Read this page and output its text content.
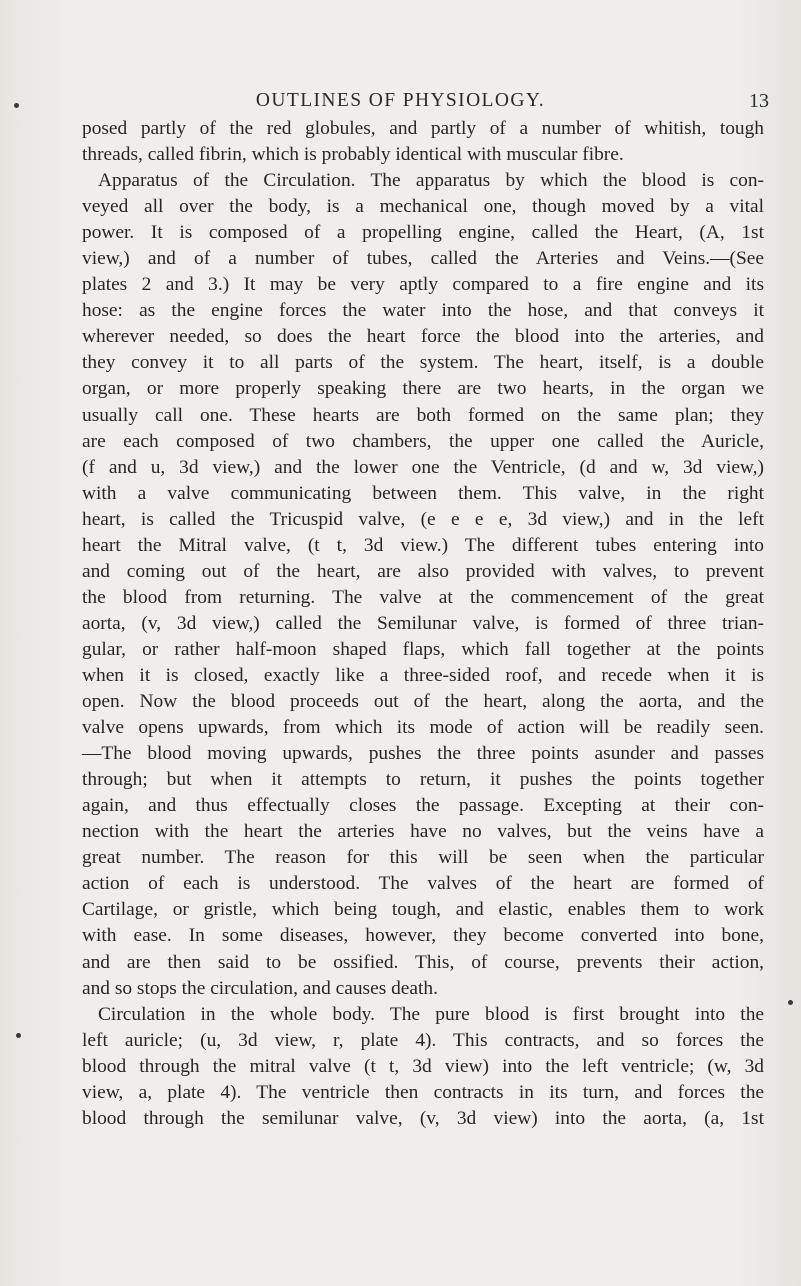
OUTLINES OF PHYSIOLOGY.	13
posed partly of the red globules, and partly of a number of whitish, tough
threads, called fibrin, which is probably identical with muscular fibre.
Apparatus of the Circulation. The apparatus by which the blood is con-
veyed all over the body, is a mechanical one, though moved by a vital
power. It is composed of a propelling engine, called the Heart, (A, 1st
view,) and of a number of tubes, called the Arteries and Veins.—(See
plates 2 and 3.) It may be very aptly compared to a fire engine and its
hose: as the engine forces the water into the hose, and that conveys it
wherever needed, so does the heart force the blood into the arteries, and
they convey it to all parts of the system. The heart, itself, is a double
organ, or more properly speaking there are two hearts, in the organ we
usually call one. These hearts are both formed on the same plan; they
are each composed of two chambers, the upper one called the Auricle,
(f and u, 3d view,) and the lower one the Ventricle, (d and w, 3d view,)
with a valve communicating between them. This valve, in the right
heart, is called the Tricuspid valve, (e e e e, 3d view,) and in the left
heart the Mitral valve, (t t, 3d view.) The different tubes entering into
and coming out of the heart, are also provided with valves, to prevent
the blood from returning. The valve at the commencement of the great
aorta, (v, 3d view,) called the Semilunar valve, is formed of three trian-
gular, or rather half-moon shaped flaps, which fall together at the points
when it is closed, exactly like a three-sided roof, and recede when it is
open. Now the blood proceeds out of the heart, along the aorta, and the
valve opens upwards, from which its mode of action will be readily seen.
—The blood moving upwards, pushes the three points asunder and passes
through; but when it attempts to return, it pushes the points together
again, and thus effectually closes the passage. Excepting at their con-
nection with the heart the arteries have no valves, but the veins have a
great number. The reason for this will be seen when the particular
action of each is understood. The valves of the heart are formed of
Cartilage, or gristle, which being tough, and elastic, enables them to work
with ease. In some diseases, however, they become converted into bone,
and are then said to be ossified. This, of course, prevents their action,
and so stops the circulation, and causes death.
Circulation in the whole body. The pure blood is first brought into the
left auricle; (u, 3d view, r, plate 4). This contracts, and so forces the
blood through the mitral valve (t t, 3d view) into the left ventricle; (w, 3d
view, a, plate 4). The ventricle then contracts in its turn, and forces the
blood through the semilunar valve, (v, 3d view) into the aorta, (a, 1st
